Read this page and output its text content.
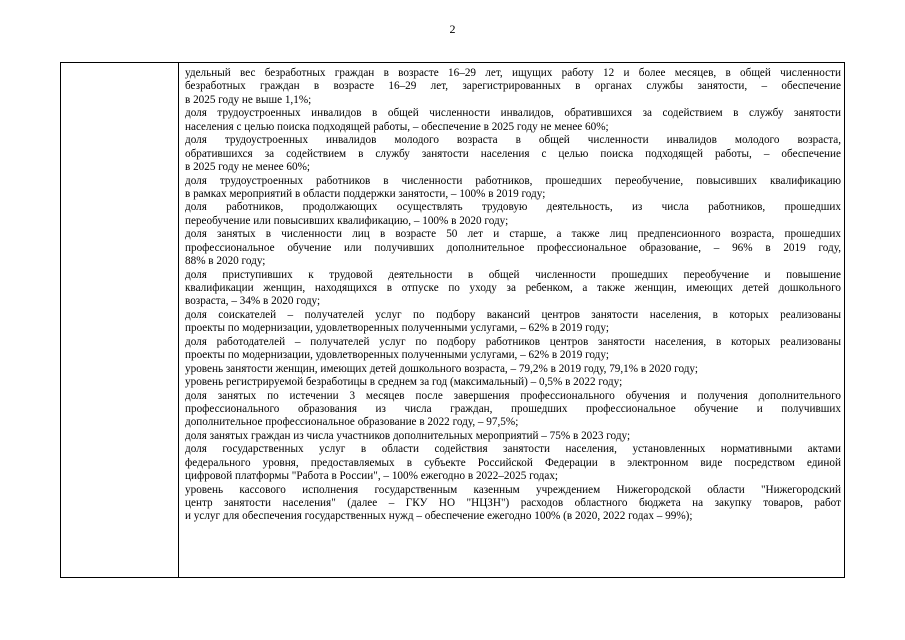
2
удельный вес безработных граждан в возрасте 16–29 лет, ищущих работу 12 и более месяцев, в общей численности
безработных граждан в возрасте 16–29 лет, зарегистрированных в органах службы занятости, – обеспечение
в 2025 году не выше 1,1%;
доля трудоустроенных инвалидов в общей численности инвалидов, обратившихся за содействием в службу занятости
населения с целью поиска подходящей работы, – обеспечение в 2025 году не менее 60%;
доля трудоустроенных инвалидов молодого возраста в общей численности инвалидов молодого возраста,
обратившихся за содействием в службу занятости населения с целью поиска подходящей работы, – обеспечение
в 2025 году не менее 60%;
доля трудоустроенных работников в численности работников, прошедших переобучение, повысивших квалификацию
в рамках мероприятий в области поддержки занятости, – 100% в 2019 году;
доля работников, продолжающих осуществлять трудовую деятельность, из числа работников, прошедших
переобучение или повысивших квалификацию, – 100% в 2020 году;
доля занятых в численности лиц в возрасте 50 лет и старше, а также лиц предпенсионного возраста, прошедших
профессиональное обучение или получивших дополнительное профессиональное образование, – 96% в 2019 году,
88% в 2020 году;
доля приступивших к трудовой деятельности в общей численности прошедших переобучение и повышение
квалификации женщин, находящихся в отпуске по уходу за ребенком, а также женщин, имеющих детей дошкольного
возраста, – 34% в 2020 году;
доля соискателей – получателей услуг по подбору вакансий центров занятости населения, в которых реализованы
проекты по модернизации, удовлетворенных полученными услугами, – 62% в 2019 году;
доля работодателей – получателей услуг по подбору работников центров занятости населения, в которых реализованы
проекты по модернизации, удовлетворенных полученными услугами, – 62% в 2019 году;
уровень занятости женщин, имеющих детей дошкольного возраста, – 79,2% в 2019 году, 79,1% в 2020 году;
уровень регистрируемой безработицы в среднем за год (максимальный) – 0,5% в 2022 году;
доля занятых по истечении 3 месяцев после завершения профессионального обучения и получения дополнительного
профессионального образования из числа граждан, прошедших профессиональное обучение и получивших
дополнительное профессиональное образование в 2022 году, – 97,5%;
доля занятых граждан из числа участников дополнительных мероприятий – 75% в 2023 году;
доля государственных услуг в области содействия занятости населения, установленных нормативными актами
федерального уровня, предоставляемых в субъекте Российской Федерации в электронном виде посредством единой
цифровой платформы "Работа в России", – 100% ежегодно в 2022–2025 годах;
уровень кассового исполнения государственным казенным учреждением Нижегородской области "Нижегородский
центр занятости населения" (далее – ГКУ НО "НЦЗН") расходов областного бюджета на закупку товаров, работ
и услуг для обеспечения государственных нужд – обеспечение ежегодно 100% (в 2020, 2022 годах – 99%);
